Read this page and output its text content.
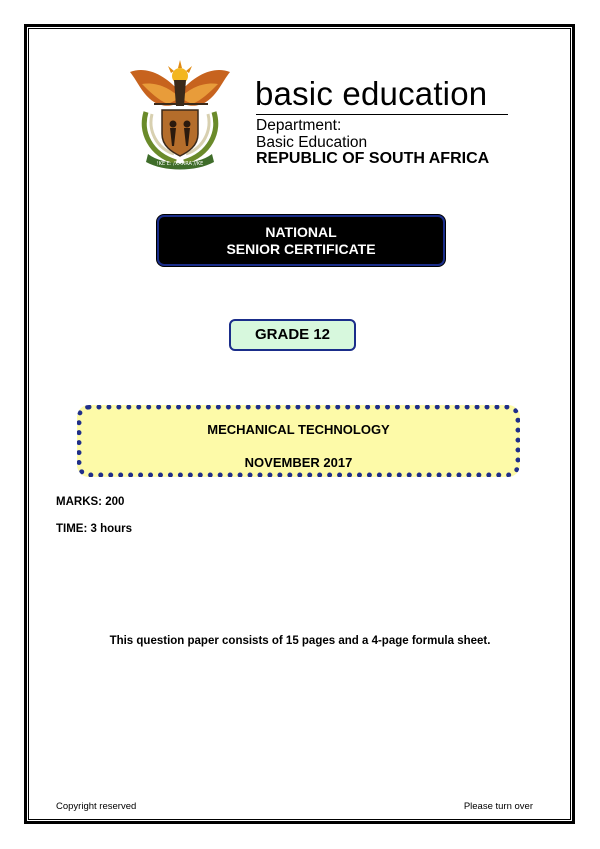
!KE E: /XARRA //KE
basic education
Department:
Basic Education
REPUBLIC OF SOUTH AFRICA
NATIONAL
SENIOR CERTIFICATE
GRADE 12
MECHANICAL TECHNOLOGY
NOVEMBER 2017
MARKS: 200
TIME: 3 hours
This question paper consists of 15 pages and a 4-page formula sheet.
Copyright reserved	Please turn over
